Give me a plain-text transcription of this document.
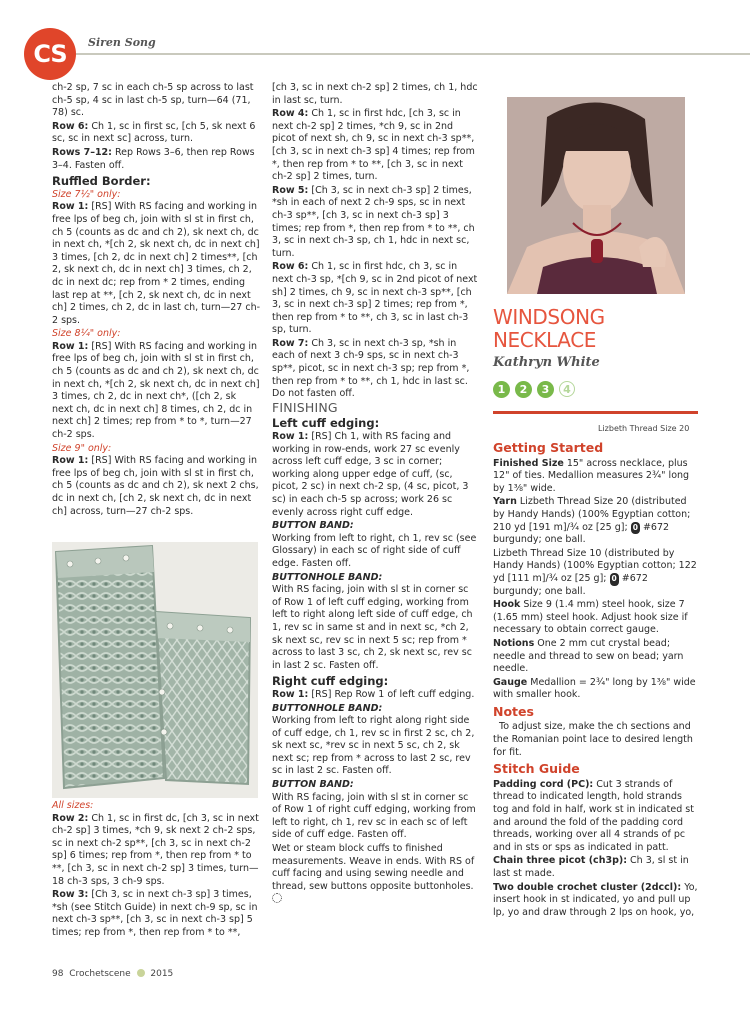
CS	Siren Song

ch-2 sp, 7 sc in each ch-5 sp across to last ch-5 sp, 4 sc in last ch-5 sp, turn—64 (71, 78) sc.

Row 6: Ch 1, sc in first sc, [ch 5, sk next 6 sc, sc in next sc] across, turn.

Rows 7–12: Rep Rows 3–6, then rep Rows 3–4. Fasten off.

Ruffled Border:
Size 7½" only:

Row 1: [RS] With RS facing and working in free lps of beg ch, join with sl st in first ch, ch 5 (counts as dc and ch 2), sk next ch, dc in next ch, *[ch 2, sk next ch, dc in next ch] 3 times, [ch 2, dc in next ch] 2 times**, [ch 2, sk next ch, dc in next ch] 3 times, ch 2, dc in next dc; rep from * 2 times, ending last rep at **, [ch 2, sk next ch, dc in next ch] 2 times, ch 2, dc in last ch, turn—27 ch-2 sps.

Size 8¼" only:

Row 1: [RS] With RS facing and working in free lps of beg ch, join with sl st in first ch, ch 5 (counts as dc and ch 2), sk next ch, dc in next ch, *[ch 2, sk next ch, dc in next ch] 3 times, ch 2, dc in next ch*, ([ch 2, sk next ch, dc in next ch] 8 times, ch 2, dc in next ch] 2 times; rep from * to *, turn—27 ch-2 sps.

Size 9" only:

Row 1: [RS] With RS facing and working in free lps of beg ch, join with sl st in first ch, ch 5 (counts as dc and ch 2), sk next 2 chs, dc in next ch, [ch 2, sk next ch, dc in next ch] across, turn—27 ch-2 sps.

All sizes:

Row 2: Ch 1, sc in first dc, [ch 3, sc in next ch-2 sp] 3 times, *ch 9, sk next 2 ch-2 sps, sc in next ch-2 sp**, [ch 3, sc in next ch-2 sp] 6 times; rep from *, then rep from * to **, [ch 3, sc in next ch-2 sp] 3 times, turn—18 ch-3 sps, 3 ch-9 sps.

Row 3: [Ch 3, sc in next ch-3 sp] 3 times, *sh (see Stitch Guide) in next ch-9 sp, sc in next ch-3 sp**, [ch 3, sc in next ch-3 sp] 5 times; rep from *, then rep from * to **,

[ch 3, sc in next ch-2 sp] 2 times, ch 1, hdc in last sc, turn.

Row 4: Ch 1, sc in first hdc, [ch 3, sc in next ch-2 sp] 2 times, *ch 9, sc in 2nd picot of next sh, ch 9, sc in next ch-3 sp**, [ch 3, sc in next ch-3 sp] 4 times; rep from *, then rep from * to **, [ch 3, sc in next ch-2 sp] 2 times, turn.

Row 5: [Ch 3, sc in next ch-3 sp] 2 times, *sh in each of next 2 ch-9 sps, sc in next ch-3 sp**, [ch 3, sc in next ch-3 sp] 3 times; rep from *, then rep from * to **, ch 3, sc in next ch-3 sp, ch 1, hdc in next sc, turn.

Row 6: Ch 1, sc in first hdc, ch 3, sc in next ch-3 sp, *[ch 9, sc in 2nd picot of next sh] 2 times, ch 9, sc in next ch-3 sp**, [ch 3, sc in next ch-3 sp] 2 times; rep from *, then rep from * to **, ch 3, sc in last ch-3 sp, turn.

Row 7: Ch 3, sc in next ch-3 sp, *sh in each of next 3 ch-9 sps, sc in next ch-3 sp**, picot, sc in next ch-3 sp; rep from *, then rep from * to **, ch 1, hdc in last sc. Do not fasten off.

FINISHING
Left cuff edging:

Row 1: [RS] Ch 1, with RS facing and working in row-ends, work 27 sc evenly across left cuff edge, 3 sc in corner; working along upper edge of cuff, (sc, picot, 2 sc) in next ch-2 sp, (4 sc, picot, 3 sc) in each ch-5 sp across; work 26 sc evenly across right cuff edge.

BUTTON BAND:

Working from left to right, ch 1, rev sc (see Glossary) in each sc of right side of cuff edge. Fasten off.

BUTTONHOLE BAND:

With RS facing, join with sl st in corner sc of Row 1 of left cuff edging, working from left to right along left side of cuff edge, ch 1, rev sc in same st and in next sc, *ch 2, sk next sc, rev sc in next 5 sc; rep from * across to last 3 sc, ch 2, sk next sc, rev sc in last 2 sc. Fasten off.

Right cuff edging:

Row 1: [RS] Rep Row 1 of left cuff edging.

BUTTONHOLE BAND:

Working from left to right along right side of cuff edge, ch 1, rev sc in first 2 sc, ch 2, sk next sc, *rev sc in next 5 sc, ch 2, sk next sc; rep from * across to last 2 sc, rev sc in last 2 sc. Fasten off.

BUTTON BAND:

With RS facing, join with sl st in corner sc of Row 1 of right cuff edging, working from left to right, ch 1, rev sc in each sc of left side of cuff edge. Fasten off.

Wet or steam block cuffs to finished measurements. Weave in ends. With RS of cuff facing and using sewing needle and thread, sew buttons opposite buttonholes.

WINDSONG
NECKLACE
Kathryn White
1	2	3	4
Lizbeth Thread Size 20
Getting Started

Finished Size 15" across necklace, plus 12" of ties. Medallion measures 2¾" long by 1⅜" wide.

Yarn Lizbeth Thread Size 20 (distributed by Handy Hands) (100% Egyptian cotton; 210 yd [191 m]/¾ oz [25 g]; 0 #672 burgundy; one ball.

Lizbeth Thread Size 10 (distributed by Handy Hands) (100% Egyptian cotton; 122 yd [111 m]/¾ oz [25 g]; 0 #672 burgundy; one ball.

Hook Size 9 (1.4 mm) steel hook, size 7 (1.65 mm) steel hook. Adjust hook size if necessary to obtain correct gauge.

Notions One 2 mm cut crystal bead; needle and thread to sew on bead; yarn needle.

Gauge Medallion = 2¾" long by 1⅜" wide with smaller hook.

Notes

To adjust size, make the ch sections and the Romanian point lace to desired length for fit.

Stitch Guide

Padding cord (PC): Cut 3 strands of thread to indicated length, hold strands tog and fold in half, work st in indicated st and around the fold of the padding cord threads, working over all 4 strands of pc and in sts or sps as indicated in patt.

Chain three picot (ch3p): Ch 3, sl st in last st made.

Two double crochet cluster (2dccl): Yo, insert hook in st indicated, yo and pull up lp, yo and draw through 2 lps on hook, yo,

98 Crochetscene 2015
